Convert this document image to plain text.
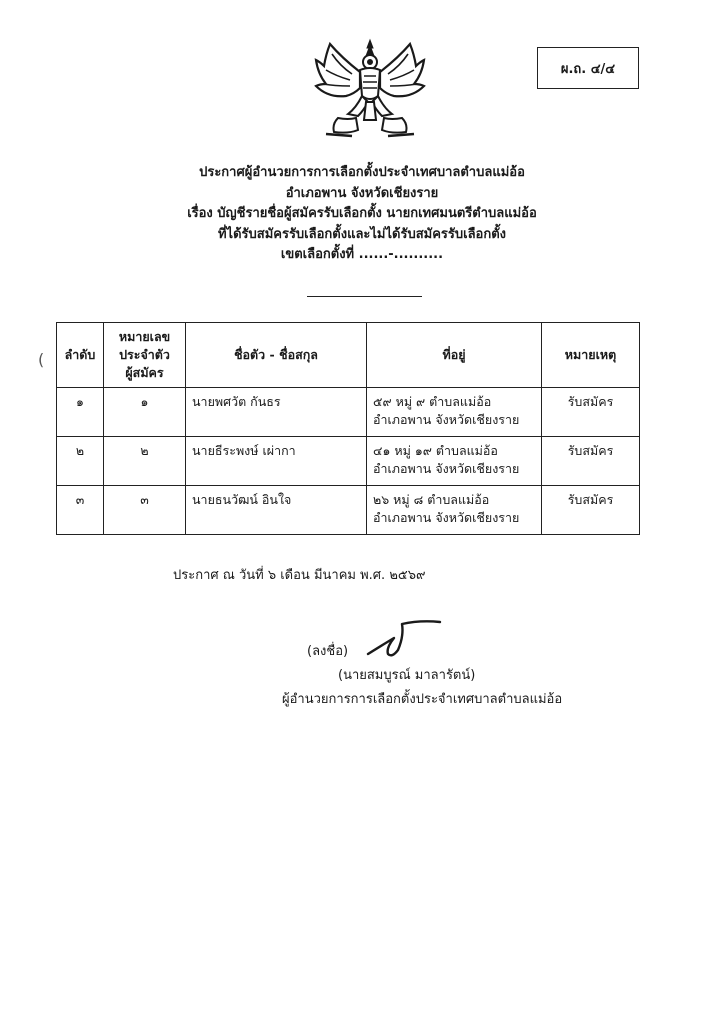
ผ.ถ. ๔/๔
ประกาศผู้อำนวยการการเลือกตั้งประจำเทศบาลตำบลแม่อ้อ
อำเภอพาน จังหวัดเชียงราย
เรื่อง บัญชีรายชื่อผู้สมัครรับเลือกตั้ง นายกเทศมนตรีตำบลแม่อ้อ
ที่ได้รับสมัครรับเลือกตั้งและไม่ได้รับสมัครรับเลือกตั้ง
เขตเลือกตั้งที่ ......-..........
( ลำดับ	หมายเลข
ประจำตัว
ผู้สมัคร	ชื่อตัว - ชื่อสกุล	ที่อยู่	หมายเหตุ
๑	๑	นายพศวัต กันธร	๕๙ หมู่ ๙ ตำบลแม่อ้อ
อำเภอพาน จังหวัดเชียงราย	รับสมัคร
๒	๒	นายธีระพงษ์ เผ่ากา	๔๑ หมู่ ๑๙ ตำบลแม่อ้อ
อำเภอพาน จังหวัดเชียงราย	รับสมัคร
๓	๓	นายธนวัฒน์ อินใจ	๒๖ หมู่ ๘ ตำบลแม่อ้อ
อำเภอพาน จังหวัดเชียงราย	รับสมัคร
ประกาศ ณ วันที่ ๖ เดือน มีนาคม พ.ศ. ๒๕๖๙
(ลงชื่อ)
(นายสมบูรณ์ มาลารัตน์)
ผู้อำนวยการการเลือกตั้งประจำเทศบาลตำบลแม่อ้อ
